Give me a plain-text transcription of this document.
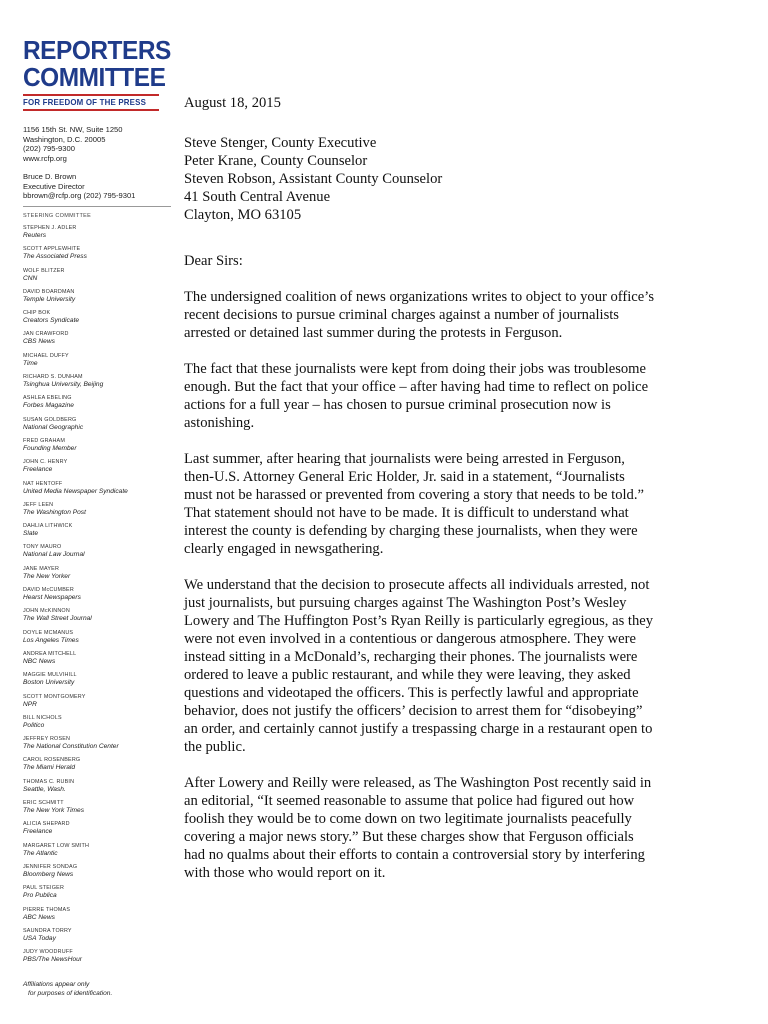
REPORTERS
COMMITTEE
FOR FREEDOM OF THE PRESS
1156 15th St. NW, Suite 1250
Washington, D.C. 20005
(202) 795-9300
www.rcfp.org
Bruce D. Brown
Executive Director
bbrown@rcfp.org (202) 795-9301
STEERING COMMITTEE
STEPHEN J. ADLER
Reuters
SCOTT APPLEWHITE
The Associated Press
WOLF BLITZER
CNN
DAVID BOARDMAN
Temple University
CHIP BOK
Creators Syndicate
JAN CRAWFORD
CBS News
MICHAEL DUFFY
Time
RICHARD S. DUNHAM
Tsinghua University, Beijing
ASHLEA EBELING
Forbes Magazine
SUSAN GOLDBERG
National Geographic
FRED GRAHAM
Founding Member
JOHN C. HENRY
Freelance
NAT HENTOFF
United Media Newspaper Syndicate
JEFF LEEN
The Washington Post
DAHLIA LITHWICK
Slate
TONY MAURO
National Law Journal
JANE MAYER
The New Yorker
DAVID McCUMBER
Hearst Newspapers
JOHN McKINNON
The Wall Street Journal
DOYLE MCMANUS
Los Angeles Times
ANDREA MITCHELL
NBC News
MAGGIE MULVIHILL
Boston University
SCOTT MONTGOMERY
NPR
BILL NICHOLS
Politico
JEFFREY ROSEN
The National Constitution Center
CAROL ROSENBERG
The Miami Herald
THOMAS C. RUBIN
Seattle, Wash.
ERIC SCHMITT
The New York Times
ALICIA SHEPARD
Freelance
MARGARET LOW SMITH
The Atlantic
JENNIFER SONDAG
Bloomberg News
PAUL STEIGER
Pro Publica
PIERRE THOMAS
ABC News
SAUNDRA TORRY
USA Today
JUDY WOODRUFF
PBS/The NewsHour
Affiliations appear only
for purposes of identification.
August 18, 2015
Steve Stenger, County Executive
Peter Krane, County Counselor
Steven Robson, Assistant County Counselor
41 South Central Avenue
Clayton, MO 63105
Dear Sirs:
The undersigned coalition of news organizations writes to object to your office’s recent decisions to pursue criminal charges against a number of journalists arrested or detained last summer during the protests in Ferguson.
The fact that these journalists were kept from doing their jobs was troublesome enough. But the fact that your office – after having had time to reflect on police actions for a full year – has chosen to pursue criminal prosecution now is astonishing.
Last summer, after hearing that journalists were being arrested in Ferguson, then-U.S. Attorney General Eric Holder, Jr. said in a statement, “Journalists must not be harassed or prevented from covering a story that needs to be told.” That statement should not have to be made. It is difficult to understand what interest the county is defending by charging these journalists, when they were clearly engaged in newsgathering.
We understand that the decision to prosecute affects all individuals arrested, not just journalists, but pursuing charges against The Washington Post’s Wesley Lowery and The Huffington Post’s Ryan Reilly is particularly egregious, as they were not even involved in a contentious or dangerous atmosphere. They were instead sitting in a McDonald’s, recharging their phones. The journalists were ordered to leave a public restaurant, and while they were leaving, they asked questions and videotaped the officers. This is perfectly lawful and appropriate behavior, does not justify the officers’ decision to arrest them for “disobeying” an order, and certainly cannot justify a trespassing charge in a restaurant open to the public.
After Lowery and Reilly were released, as The Washington Post recently said in an editorial, “It seemed reasonable to assume that police had figured out how foolish they would be to come down on two legitimate journalists peacefully covering a major news story.” But these charges show that Ferguson officials had no qualms about their efforts to contain a controversial story by interfering with those who would report on it.
